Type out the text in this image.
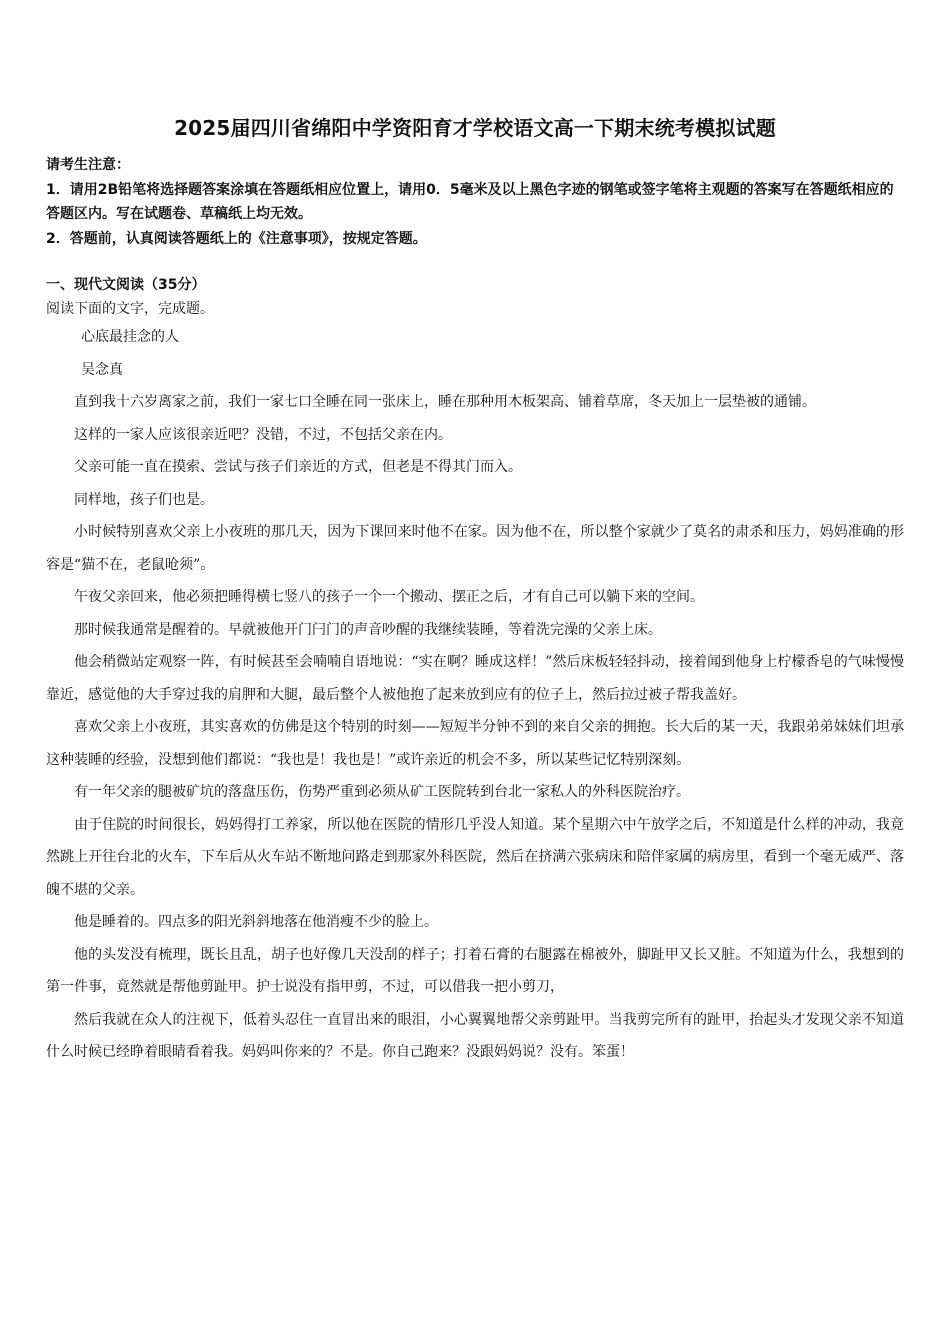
2025届四川省绵阳中学资阳育才学校语文高一下期末统考模拟试题

请考生注意：

1．请用2B铅笔将选择题答案涂填在答题纸相应位置上，请用0．5毫米及以上黑色字迹的钢笔或签字笔将主观题的答案写在答题纸相应的答题区内。写在试题卷、草稿纸上均无效。

2．答题前，认真阅读答题纸上的《注意事项》，按规定答题。

一、现代文阅读（35分）

阅读下面的文字，完成题。

心底最挂念的人

吴念真

直到我十六岁离家之前，我们一家七口全睡在同一张床上，睡在那种用木板架高、铺着草席，冬天加上一层垫被的通铺。

这样的一家人应该很亲近吧？没错，不过，不包括父亲在内。

父亲可能一直在摸索、尝试与孩子们亲近的方式，但老是不得其门而入。

同样地，孩子们也是。

小时候特别喜欢父亲上小夜班的那几天，因为下课回来时他不在家。因为他不在，所以整个家就少了莫名的肃杀和压力，妈妈准确的形容是“猫不在，老鼠呛须”。

午夜父亲回来，他必须把睡得横七竖八的孩子一个一个搬动、摆正之后，才有自己可以躺下来的空间。

那时候我通常是醒着的。早就被他开门闩门的声音吵醒的我继续装睡，等着洗完澡的父亲上床。

他会稍微站定观察一阵，有时候甚至会喃喃自语地说：“实在啊？睡成这样！”然后床板轻轻抖动，接着闻到他身上柠檬香皂的气味慢慢靠近，感觉他的大手穿过我的肩胛和大腿，最后整个人被他抱了起来放到应有的位子上，然后拉过被子帮我盖好。

喜欢父亲上小夜班，其实喜欢的仿佛是这个特别的时刻——短短半分钟不到的来自父亲的拥抱。长大后的某一天，我跟弟弟妹妹们坦承这种装睡的经验，没想到他们都说：“我也是！我也是！”或许亲近的机会不多，所以某些记忆特别深刻。

有一年父亲的腿被矿坑的落盘压伤，伤势严重到必须从矿工医院转到台北一家私人的外科医院治疗。

由于住院的时间很长，妈妈得打工养家，所以他在医院的情形几乎没人知道。某个星期六中午放学之后，不知道是什么样的冲动，我竟然跳上开往台北的火车，下车后从火车站不断地问路走到那家外科医院，然后在挤满六张病床和陪伴家属的病房里，看到一个毫无威严、落魄不堪的父亲。

他是睡着的。四点多的阳光斜斜地落在他消瘦不少的脸上。

他的头发没有梳理，既长且乱，胡子也好像几天没刮的样子；打着石膏的右腿露在棉被外，脚趾甲又长又脏。不知道为什么，我想到的第一件事，竟然就是帮他剪趾甲。护士说没有指甲剪，不过，可以借我一把小剪刀，

然后我就在众人的注视下，低着头忍住一直冒出来的眼泪，小心翼翼地帮父亲剪趾甲。当我剪完所有的趾甲，抬起头才发现父亲不知道什么时候已经睁着眼睛看着我。妈妈叫你来的？不是。你自己跑来？没跟妈妈说？没有。笨蛋！
